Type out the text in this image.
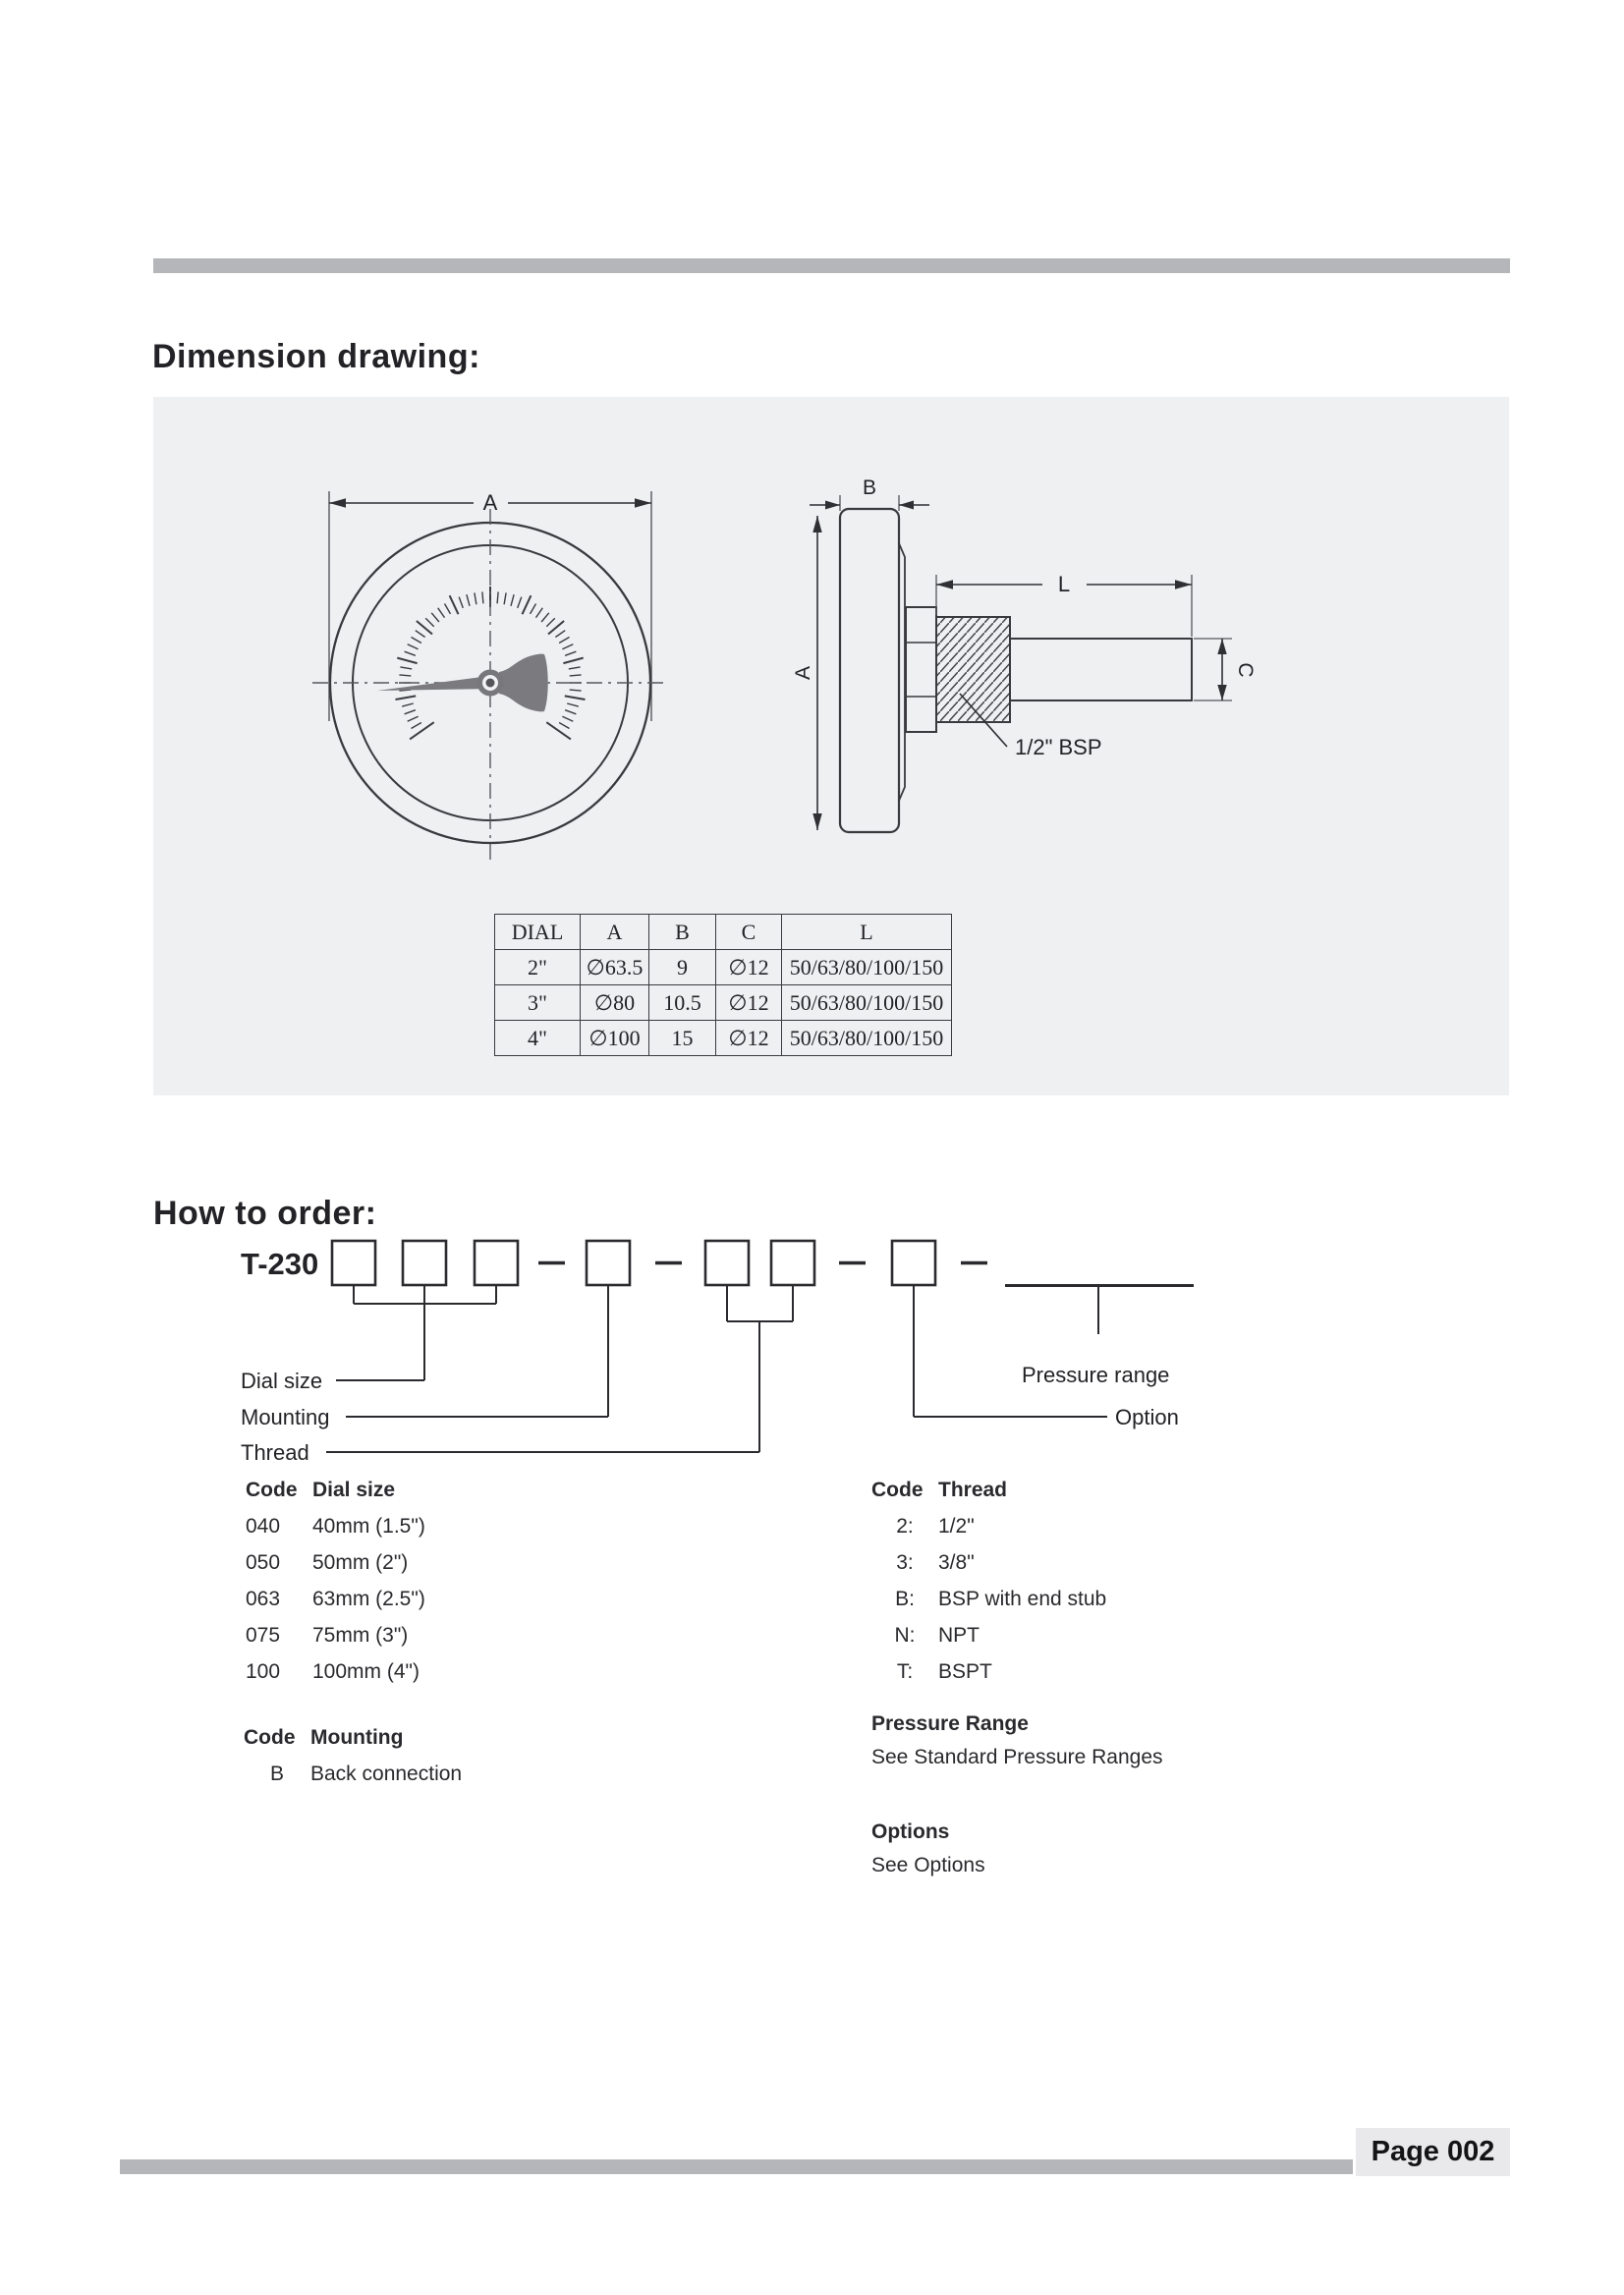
Dimension drawing:
A
B
A
L
C
1/2" BSP
DIAL	A	B	C	L
2"	∅63.5	9	∅12	50/63/80/100/150
3"	∅80	10.5	∅12	50/63/80/100/150
4"	∅100	15	∅12	50/63/80/100/150
How to order:
T-230
Dial size
Mounting
Thread
Pressure range
Option
Code Dial size
040	40mm (1.5")
050	50mm (2")
063	63mm (2.5")
075	75mm (3")
100	100mm (4")
Code Thread
2:	1/2"
3:	3/8"
B:	BSP with end stub
N:	NPT
T:	BSPT
Code Mounting
B	Back connection
Pressure Range
See Standard Pressure Ranges
Options
See Options
Page 002
